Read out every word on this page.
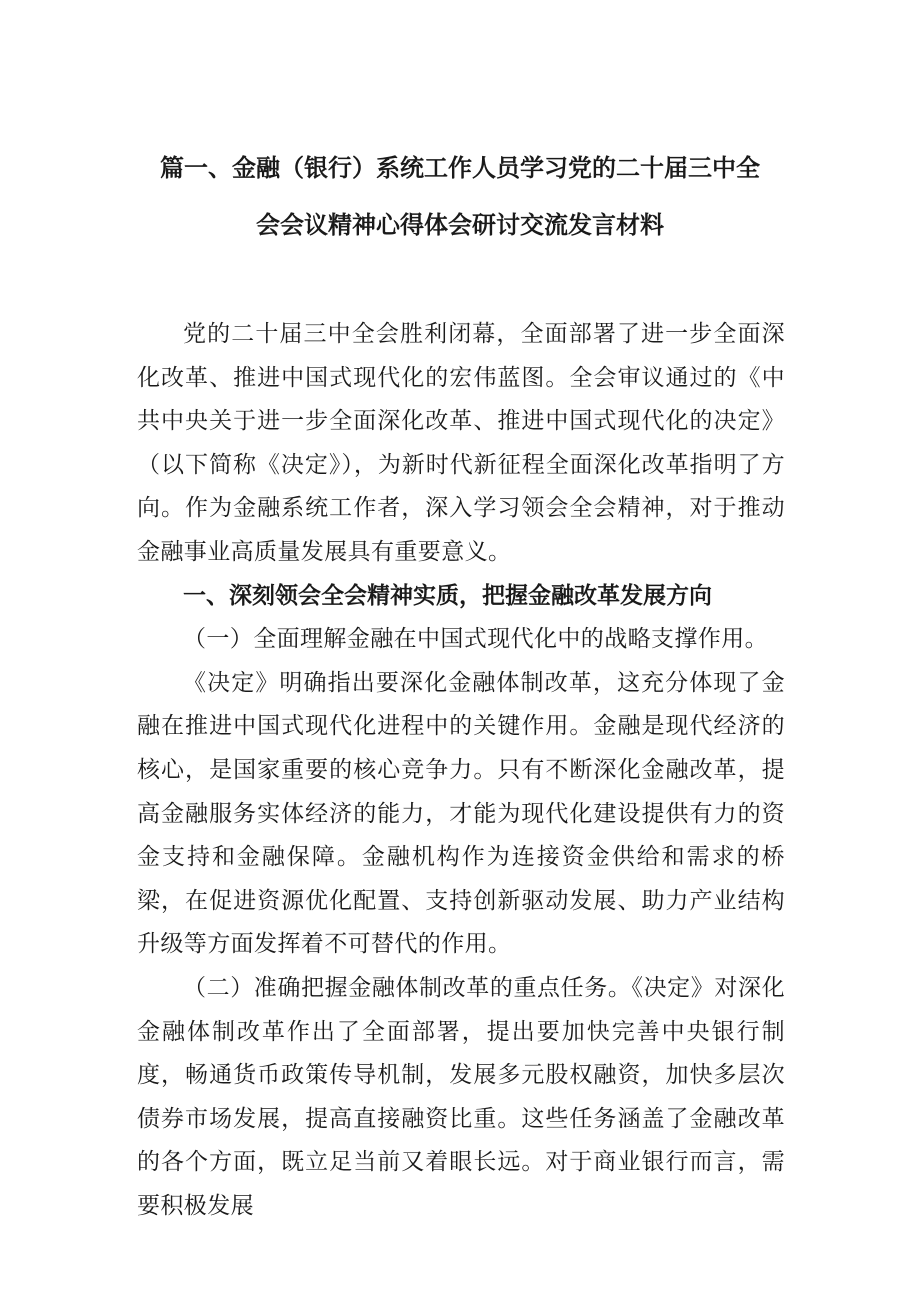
篇一、金融（银行）系统工作人员学习党的二十届三中全
会会议精神心得体会研讨交流发言材料

党的二十届三中全会胜利闭幕，全面部署了进一步全面深化改革、推进中国式现代化的宏伟蓝图。全会审议通过的《中共中央关于进一步全面深化改革、推进中国式现代化的决定》（以下简称《决定》），为新时代新征程全面深化改革指明了方向。作为金融系统工作者，深入学习领会全会精神，对于推动金融事业高质量发展具有重要意义。

一、深刻领会全会精神实质，把握金融改革发展方向

（一）全面理解金融在中国式现代化中的战略支撑作用。

《决定》明确指出要深化金融体制改革，这充分体现了金融在推进中国式现代化进程中的关键作用。金融是现代经济的核心，是国家重要的核心竞争力。只有不断深化金融改革，提高金融服务实体经济的能力，才能为现代化建设提供有力的资金支持和金融保障。金融机构作为连接资金供给和需求的桥梁，在促进资源优化配置、支持创新驱动发展、助力产业结构升级等方面发挥着不可替代的作用。

（二）准确把握金融体制改革的重点任务。《决定》对深化金融体制改革作出了全面部署，提出要加快完善中央银行制度，畅通货币政策传导机制，发展多元股权融资，加快多层次债券市场发展，提高直接融资比重。这些任务涵盖了金融改革的各个方面，既立足当前又着眼长远。对于商业银行而言，需要积极发展
